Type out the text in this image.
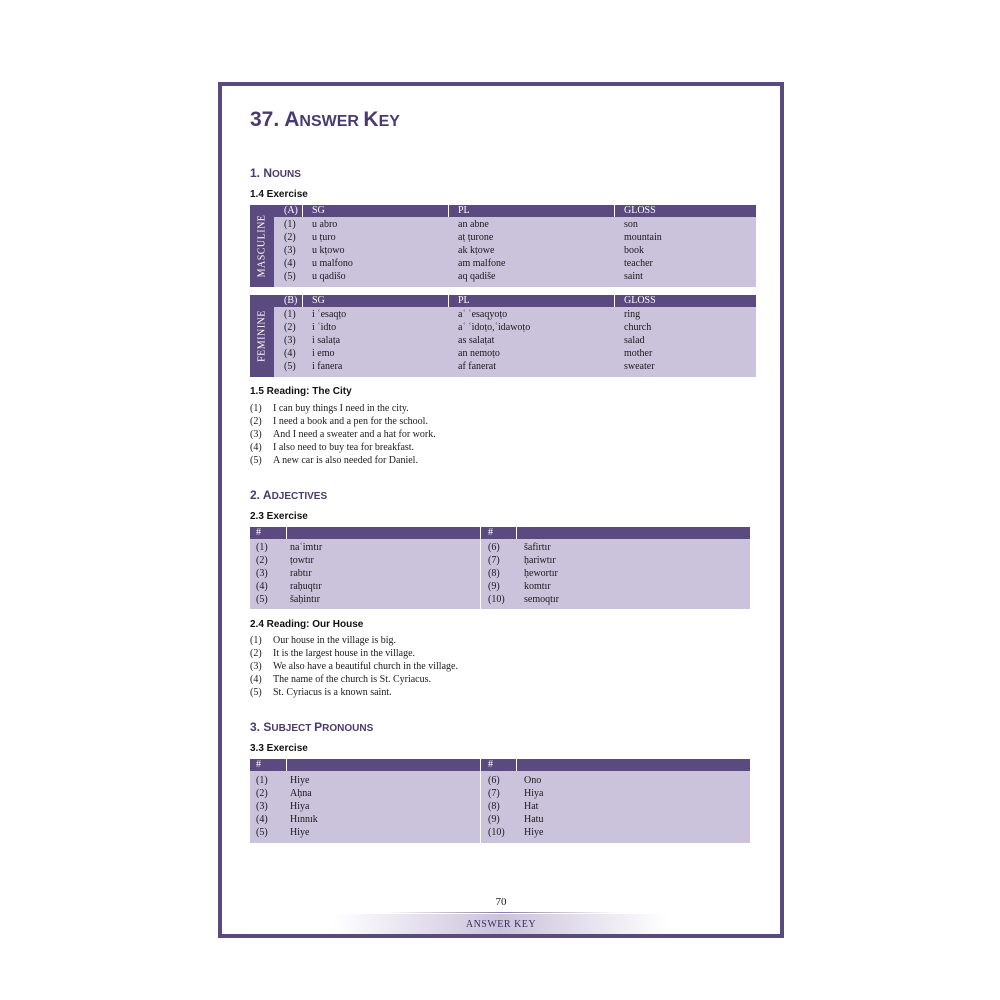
37. ANSWER KEY
1. NOUNS
1.4 Exercise
MASCULINE
(A) SG	PL	GLOSS
(1) u abro	an abne	son
(2) u ṭuro	aṭ ṭurone	mountain
(3) u kṭowo	ak kṭowe	book
(4) u malfono	am malfone	teacher
(5) u qadišo	aq qadiše	saint
FEMININE
(B) SG	PL	GLOSS
(1) i ʿesaqṭo	aʿ ʿesaqyoṭo	ring
(2) i ʿidto	aʿ ʿidoṭo,ʿidawoṭo	church
(3) i salaṭa	as salaṭat	salad
(4) i emo	an nemoṭo	mother
(5) i fanera	af fanerat	sweater
1.5 Reading: The City
(1) I can buy things I need in the city.
(2) I need a book and a pen for the school.
(3) And I need a sweater and a hat for work.
(4) I also need to buy tea for breakfast.
(5) A new car is also needed for Daniel.
2. ADJECTIVES
2.3 Exercise
#	#
(1) naʿimtır	(6) šafirtır
(2) ṭowtır	(7) ḥariwtır
(3) rabtır	(8) ḥewortır
(4) raḥuqtır	(9) komtır
(5) šaḥintır	(10) semoqtır
2.4 Reading: Our House
(1) Our house in the village is big.
(2) It is the largest house in the village.
(3) We also have a beautiful church in the village.
(4) The name of the church is St. Cyriacus.
(5) St. Cyriacus is a known saint.
3. SUBJECT PRONOUNS
3.3 Exercise
#	#
(1) Hiye	(6) Ono
(2) Aḥna	(7) Hiya
(3) Hiya	(8) Hat
(4) Hınnık	(9) Hatu
(5) Hiye	(10) Hiye
70
ANSWER KEY
